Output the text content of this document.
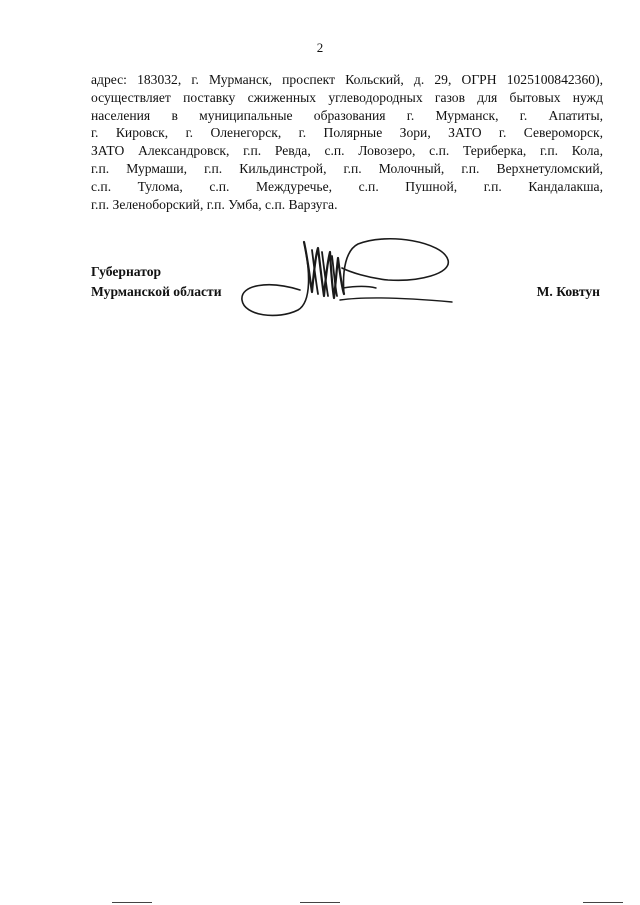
2
адрес: 183032, г. Мурманск, проспект Кольский, д. 29, ОГРН 1025100842360),
осуществляет поставку сжиженных углеводородных газов для бытовых нужд
населения в муниципальные образования г. Мурманск, г. Апатиты,
г. Кировск, г. Оленегорск, г. Полярные Зори, ЗАТО г. Североморск,
ЗАТО Александровск, г.п. Ревда, с.п. Ловозеро, с.п. Териберка, г.п. Кола,
г.п. Мурмаши, г.п. Кильдинстрой, г.п. Молочный, г.п. Верхнетуломский,
с.п. Тулома, с.п. Междуречье, с.п. Пушной, г.п. Кандалакша,
г.п. Зеленоборский, г.п. Умба, с.п. Варзуга.
Губернатор
Мурманской области	М. Ковтун
